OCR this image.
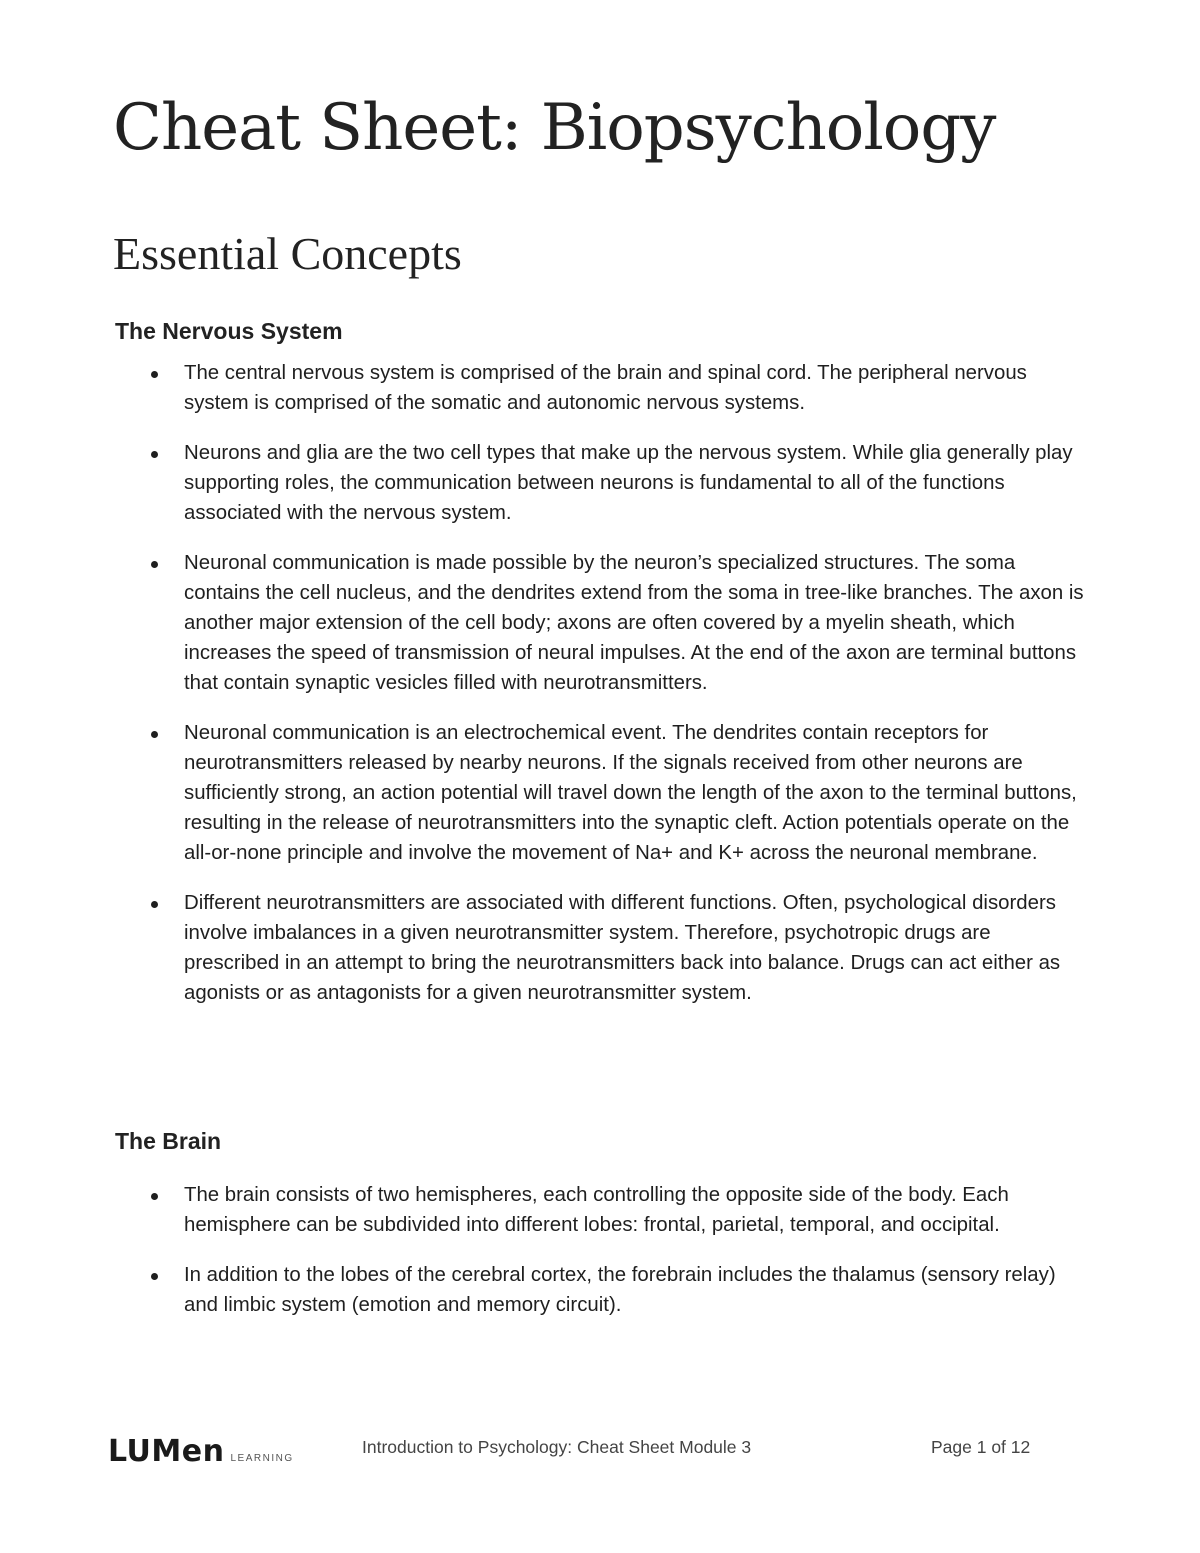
Cheat Sheet: Biopsychology
Essential Concepts
The Nervous System
The central nervous system is comprised of the brain and spinal cord. The peripheral nervous system is comprised of the somatic and autonomic nervous systems.
Neurons and glia are the two cell types that make up the nervous system. While glia generally play supporting roles, the communication between neurons is fundamental to all of the functions associated with the nervous system.
Neuronal communication is made possible by the neuron’s specialized structures. The soma contains the cell nucleus, and the dendrites extend from the soma in tree-like branches. The axon is another major extension of the cell body; axons are often covered by a myelin sheath, which increases the speed of transmission of neural impulses. At the end of the axon are terminal buttons that contain synaptic vesicles filled with neurotransmitters.
Neuronal communication is an electrochemical event. The dendrites contain receptors for neurotransmitters released by nearby neurons. If the signals received from other neurons are sufficiently strong, an action potential will travel down the length of the axon to the terminal buttons, resulting in the release of neurotransmitters into the synaptic cleft. Action potentials operate on the all-or-none principle and involve the movement of Na+ and K+ across the neuronal membrane.
Different neurotransmitters are associated with different functions. Often, psychological disorders involve imbalances in a given neurotransmitter system. Therefore, psychotropic drugs are prescribed in an attempt to bring the neurotransmitters back into balance. Drugs can act either as agonists or as antagonists for a given neurotransmitter system.
The Brain
The brain consists of two hemispheres, each controlling the opposite side of the body. Each hemisphere can be subdivided into different lobes: frontal, parietal, temporal, and occipital.
In addition to the lobes of the cerebral cortex, the forebrain includes the thalamus (sensory relay) and limbic system (emotion and memory circuit).
LUMen LEARNING
Introduction to Psychology: Cheat Sheet Module 3	Page 1 of 12
